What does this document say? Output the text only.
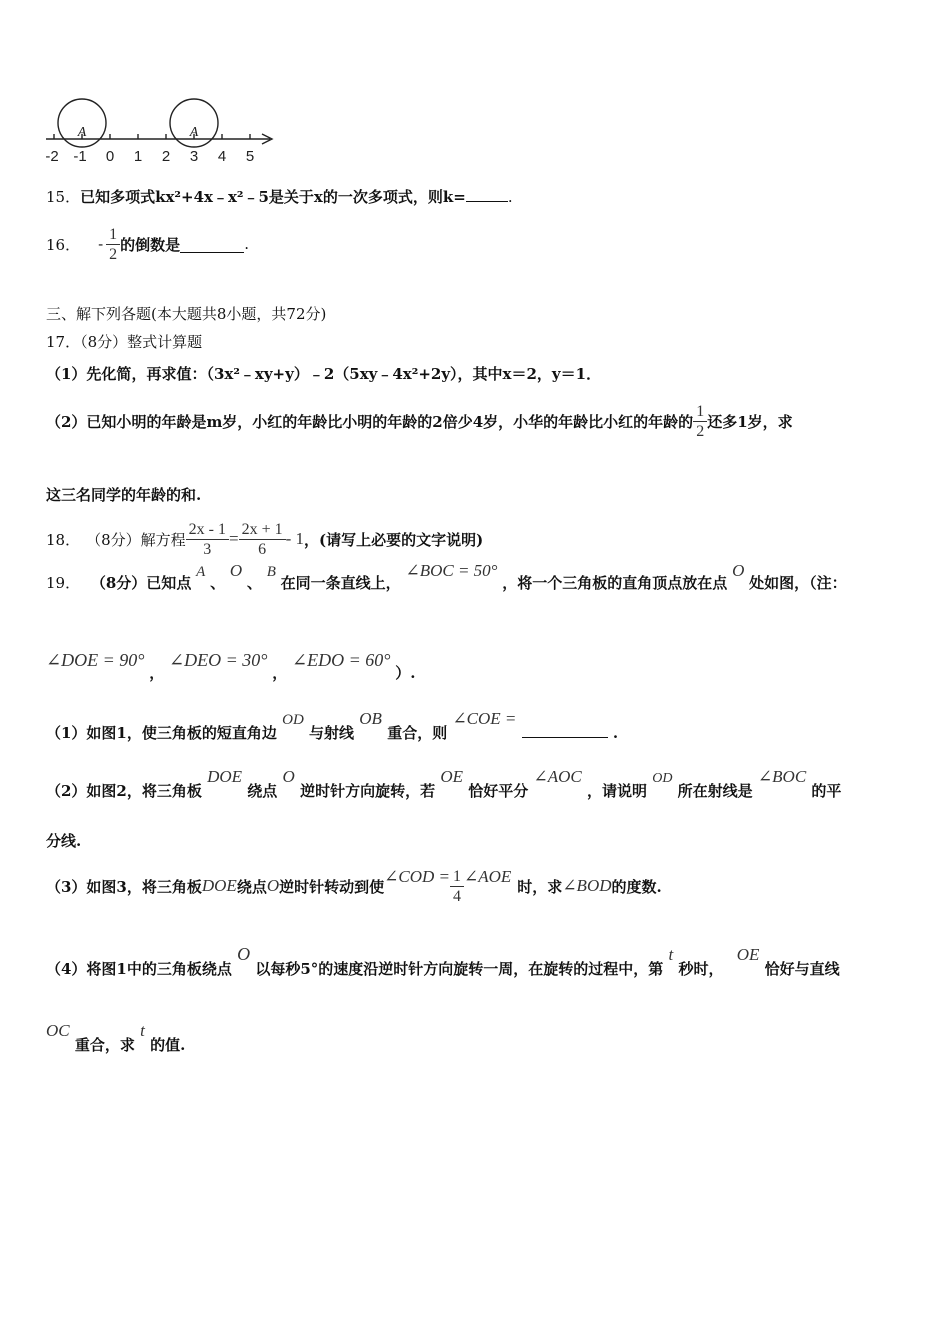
-2 -1 0 1 2 3 4 5
A	A
15．已知多项式kx²+4x﹣x²﹣5是关于x的一次多项式，则k=	.
16． - $\frac{1}{2}$ 的倒数是	.
三、解下列各题(本大题共8小题，共72分)
17．（8分）整式计算题
（1）先化简，再求值：（3x²﹣xy+y）﹣2（5xy﹣4x²+2y），其中x＝2，y＝1．
（2）已知小明的年龄是m岁，小红的年龄比小明的年龄的2倍少4岁，小华的年龄比小红的年龄的 $\frac{1}{2}$ 还多1岁，求
这三名同学的年龄的和.
18． （8分）解方程 $\frac{2x - 1}{3} = \frac{2x + 1}{6} - 1$ ，(请写上必要的文字说明)
19． （8分）已知点 A 、 O 、 B 在同一条直线上， ∠BOC = 50° ，将一个三角板的直角顶点放在点 O 处如图，（注：
∠DOE = 90° ， ∠DEO = 30° ， ∠EDO = 60° ）.
（1）如图1，使三角板的短直角边 OD 与射线 OB 重合，则 ∠COE =  .
（2）如图2，将三角板 DOE 绕点 O 逆时针方向旋转，若 OE 恰好平分 ∠AOC ，请说明 OD 所在射线是 ∠BOC 的平
分线.
（3）如图3，将三角板 DOE 绕点 O 逆时针转动到使
∠COD = $\frac{1}{4}$ ∠AOE
时，求 ∠BOD 的度数.
（4）将图1中的三角板绕点 O 以每秒5°的速度沿逆时针方向旋转一周，在旋转的过程中，第 t 秒时， OE 恰好与直线
OC 重合，求 t 的值.
